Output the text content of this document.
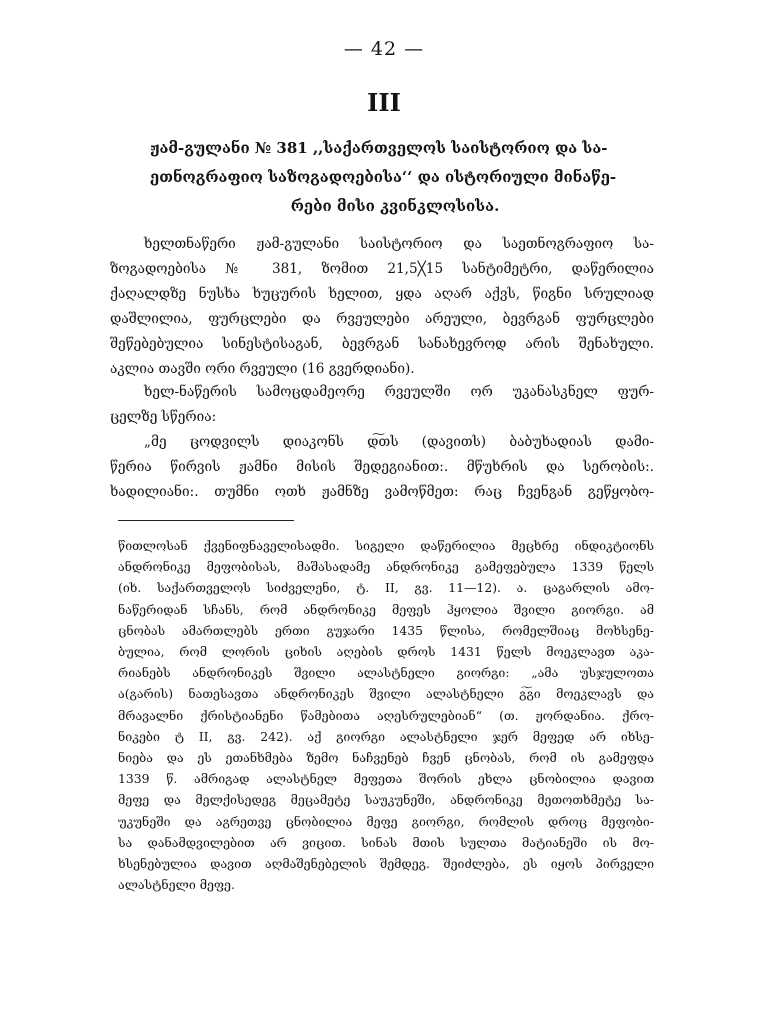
— 42 —
III
ჟამ-გულანი № 381 ,,საქართველოს საისტორიო და სა-
ეთნოგრაფიო საზოგადოებისა‘‘ და ისტორიული მინაწე-
რები მისი კვინკლოსისა.
ხელთნაწერი ჟამ-გულანი საისტორიო და საეთნოგრაფიო სა-
ზოგადოებისა № 381, ზომით 21,5╳15 სანტიმეტრი, დაწერილია
ქაღალდზე ნუსხა ხუცურის ხელით, ყდა აღარ აქვს, წიგნი სრულიად
დაშლილია, ფურცლები და რვეულები არეული, ბევრგან ფურცლები
შეწებებულია სინესტისაგან, ბევრგან სანახევროდ არის შენახული.
აკლია თავში ორი რვეული (16 გვერდიანი).
ხელ-ნაწერის სამოცდამეორე რვეულში ორ უკანასკნელ ფურ-
ცელზე სწერია:
„მე ცოდვილს დიაკონს დ͠თს (დავითს) ბაბუხადიას დამი-
წერია წირვის ჟამნი მისის შედეგიანით:. მწუხრის და სერობის:.
ხადილიანი:. თუმნი ოთხ ჟამნზე ვამოწმეთ: რაც ჩვენგან გეწყობო-
წითლოსან ქვენიფნაველისადმი. სიგელი დაწერილია მეცხრე ინდიკტიონს
ანდრონიკე მეფობისას, მაშასადამე ანდრონიკე გამეფებულა 1339 წელს
(იხ. საქართველოს სიძველენი, ტ. II, გვ. 11—12). ა. ცაგარლის ამო-
ნაწერიდან სჩანს, რომ ანდრონიკე მეფეს ჰყოლია შვილი გიორგი. ამ
ცნობას ამართლებს ერთი გუჯარი 1435 წლისა, რომელშიაც მოხსენე-
ბულია, რომ ლორის ციხის აღების დროს 1431 წელს მოეკლავთ აკა-
რიანებს ანდრონიკეს შვილი ალასტნელი გიორგი: „ამა უსჯულოთა
ა(გარის) ნათესავთა ანდრონიკეს შვილი ალასტნელი გ͠გი მოეკლავს და
მრავალნი ქრისტიანენი წამებითა აღესრულებიან“ (თ. ჟორდანია. ქრო-
ნიკები ტ II, გვ. 242). აქ გიორგი ალასტნელი ჯერ მეფედ არ იხსე-
ნიება და ეს ეთანხმება ზემო ნაჩვენებ ჩვენ ცნობას, რომ ის გამეფდა
1339 წ. ამრიგად ალასტნელ მეფეთა შორის ეხლა ცნობილია დავით
მეფე და მელქისედეგ მეცამეტე საუკუნეში, ანდრონიკე მეთოთხმეტე სა-
უკუნეში და აგრეთვე ცნობილია მეფე გიორგი, რომლის დროც მეფობი-
სა დანამდვილებით არ ვიცით. სინას მთის სულთა მატიანეში ის მო-
ხსენებულია დავით აღმაშენებელის შემდეგ. შეიძლება, ეს იყოს პირველი
ალასტნელი მეფე.
